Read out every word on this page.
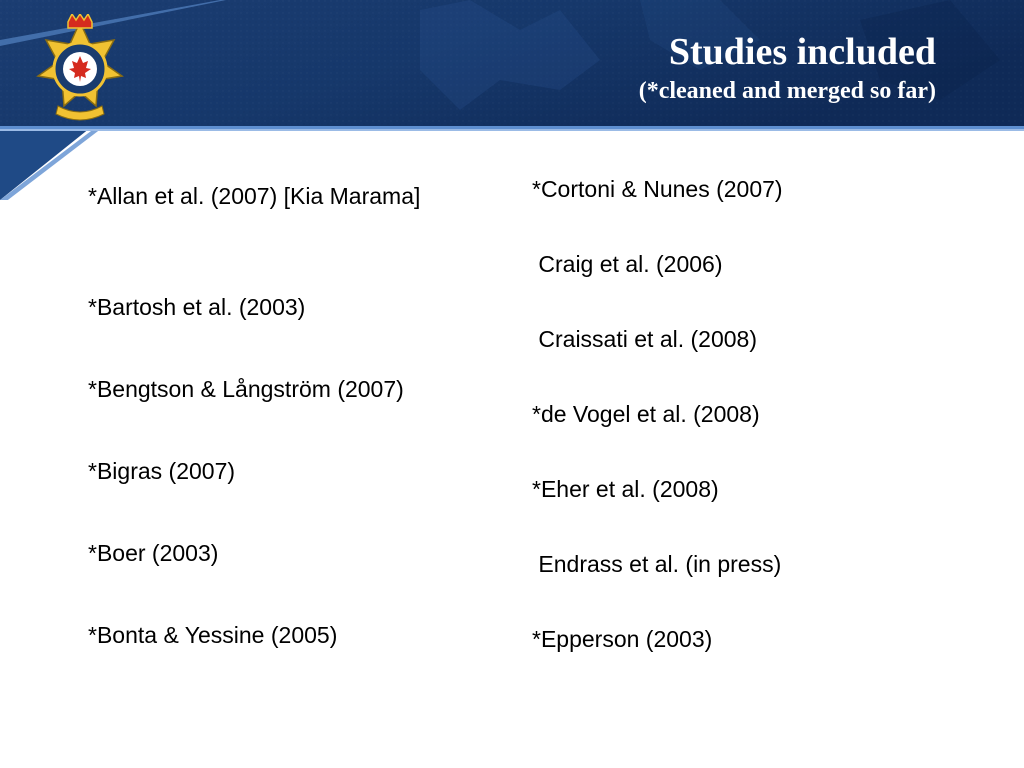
Studies included
(*cleaned and merged so far)
*Allan et al. (2007) [Kia Marama]
*Bartosh et al. (2003)
*Bengtson & Långström (2007)
*Bigras (2007)
*Boer (2003)
*Bonta & Yessine (2005)
*Cortoni & Nunes (2007)
Craig et al. (2006)
Craissati et al. (2008)
*de Vogel et al. (2008)
*Eher et al. (2008)
Endrass et al. (in press)
*Epperson (2003)
